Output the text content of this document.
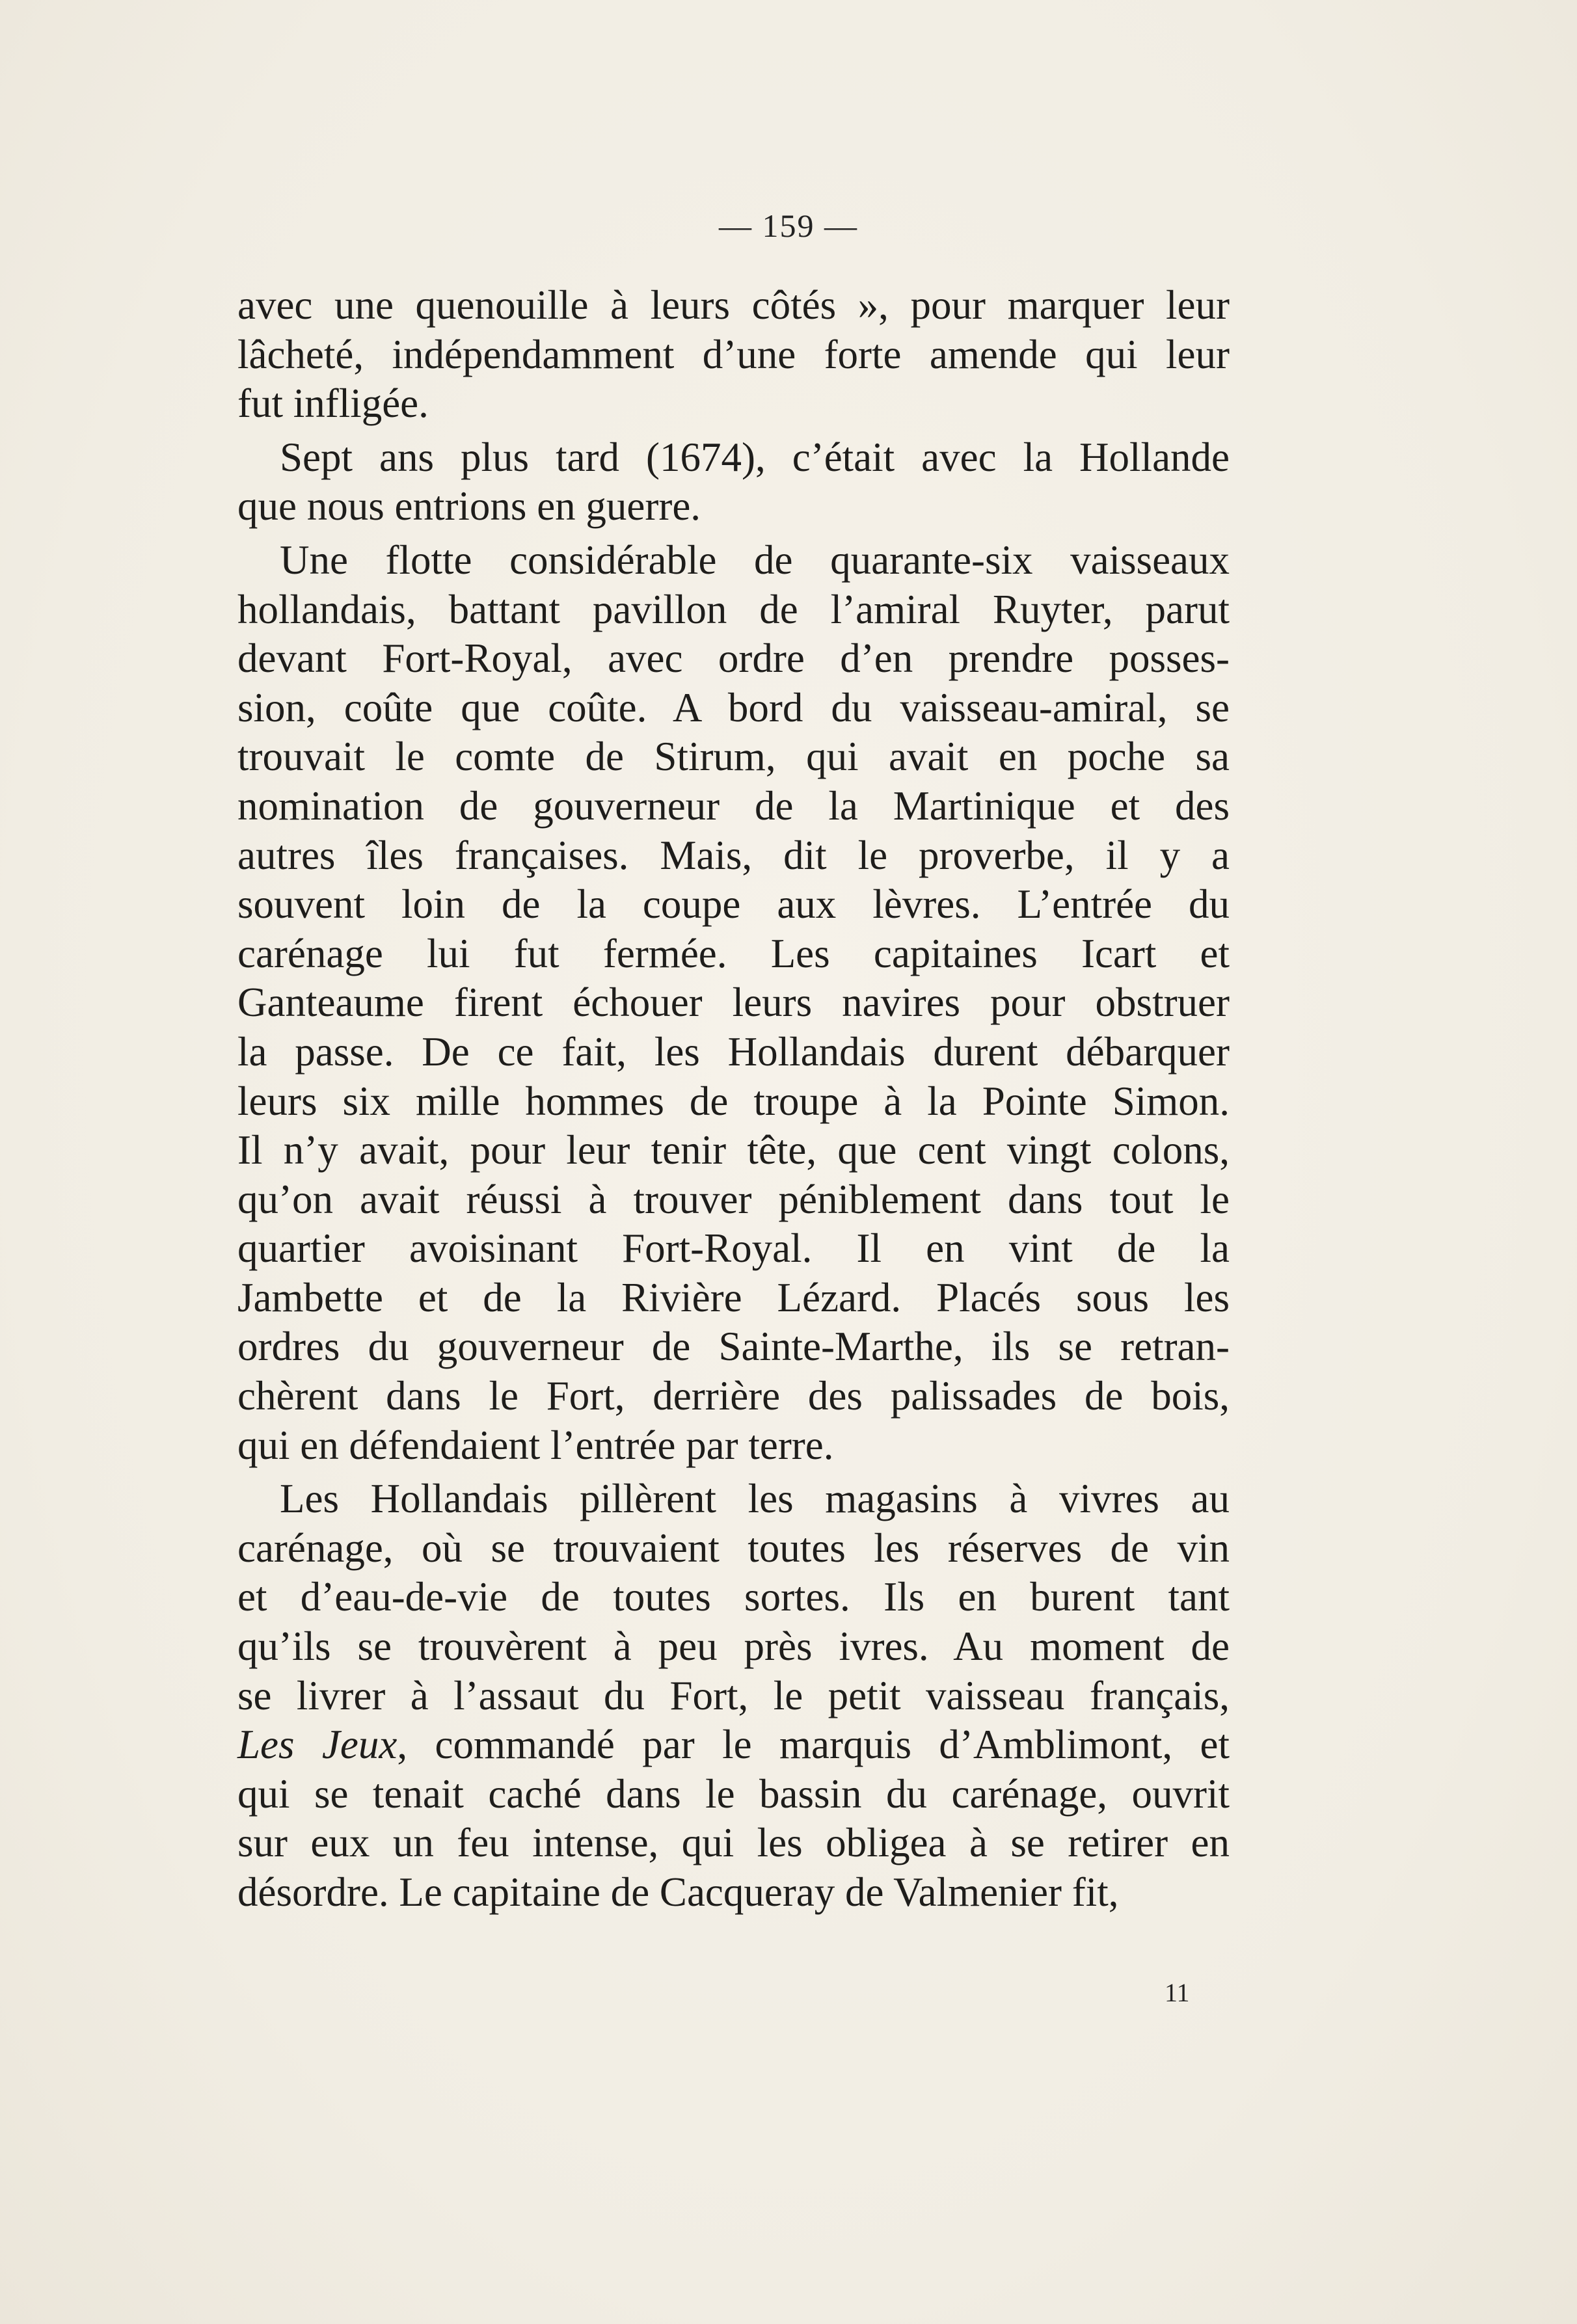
— 159 —

avec une quenouille à leurs côtés », pour marquer leur
lâcheté, indépendamment d’une forte amende qui leur
fut infligée.

Sept ans plus tard (1674), c’était avec la Hollande
que nous entrions en guerre.

Une flotte considérable de quarante-six vaisseaux
hollandais, battant pavillon de l’amiral Ruyter, parut
devant Fort-Royal, avec ordre d’en prendre posses-
sion, coûte que coûte. A bord du vaisseau-amiral, se
trouvait le comte de Stirum, qui avait en poche sa
nomination de gouverneur de la Martinique et des
autres îles françaises. Mais, dit le proverbe, il y a
souvent loin de la coupe aux lèvres. L’entrée du
carénage lui fut fermée. Les capitaines Icart et
Ganteaume firent échouer leurs navires pour obstruer
la passe. De ce fait, les Hollandais durent débarquer
leurs six mille hommes de troupe à la Pointe Simon.
Il n’y avait, pour leur tenir tête, que cent vingt colons,
qu’on avait réussi à trouver péniblement dans tout le
quartier avoisinant Fort-Royal. Il en vint de la
Jambette et de la Rivière Lézard. Placés sous les
ordres du gouverneur de Sainte-Marthe, ils se retran-
chèrent dans le Fort, derrière des palissades de bois,
qui en défendaient l’entrée par terre.

Les Hollandais pillèrent les magasins à vivres au
carénage, où se trouvaient toutes les réserves de vin
et d’eau-de-vie de toutes sortes. Ils en burent tant
qu’ils se trouvèrent à peu près ivres. Au moment de
se livrer à l’assaut du Fort, le petit vaisseau français,
Les Jeux, commandé par le marquis d’Amblimont, et
qui se tenait caché dans le bassin du carénage, ouvrit
sur eux un feu intense, qui les obligea à se retirer en
désordre. Le capitaine de Cacqueray de Valmenier fit,

11
